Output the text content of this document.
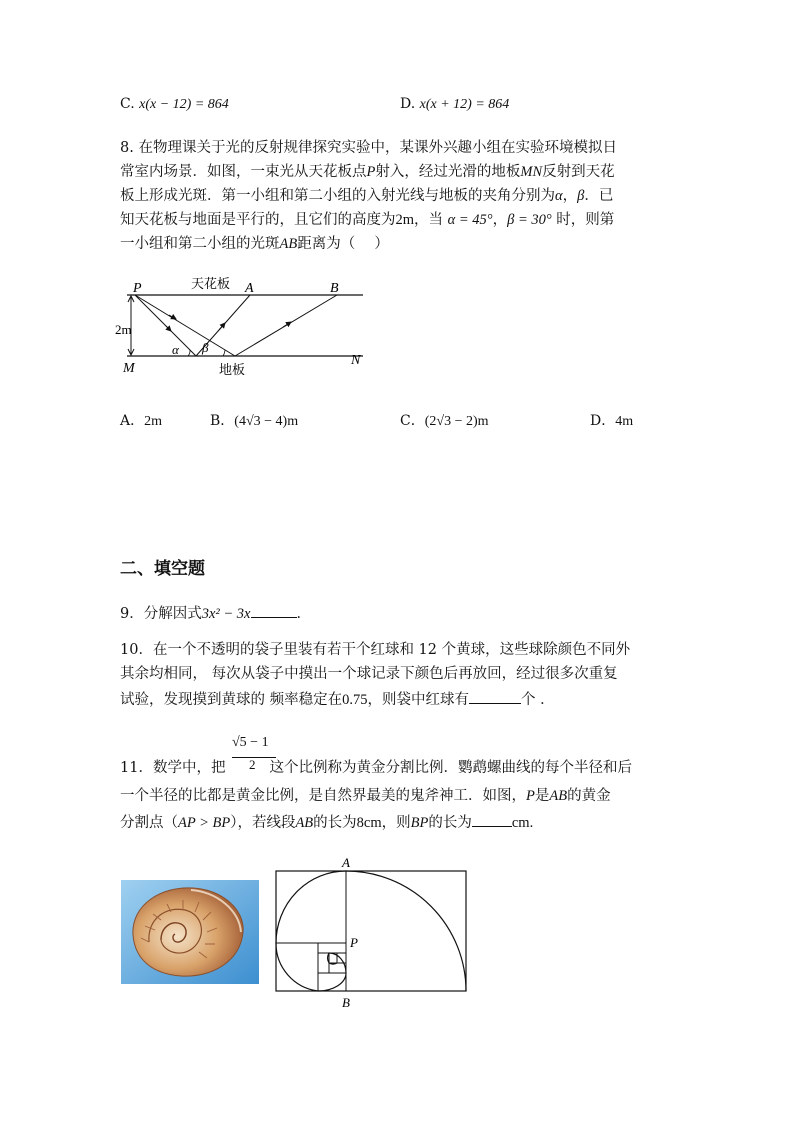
C. x(x − 12) = 864	D. x(x + 12) = 864
8. 在物理课关于光的反射规律探究实验中，某课外兴趣小组在实验环境模拟日
常室内场景．如图，一束光从天花板点P射入，经过光滑的地板MN反射到天花
板上形成光斑．第一小组和第二小组的入射光线与地板的夹角分别为α，β．已
知天花板与地面是平行的，且它们的高度为2m，当 α = 45°，β = 30° 时，则第
一小组和第二小组的光斑AB距离为（　 ）
P	天花板 A	B
2m
M
N
α β
地板
A．2m	B．(4√3 − 4)m	C．(2√3 − 2)m	D．4m
二、填空题
9．分解因式3x² − 3x	．
10．在一个不透明的袋子里装有若干个红球和 12 个黄球，这些球除颜色不同外
其余均相同， 每次从袋子中摸出一个球记录下颜色后再放回，经过很多次重复
试验，发现摸到黄球的 频率稳定在0.75，则袋中红球有	个 ．
√5 − 1
2
11．数学中，把	这个比例称为黄金分割比例．鹦鹉螺曲线的每个半径和后
一个半径的比都是黄金比例，是自然界最美的鬼斧神工．如图，P是AB的黄金
分割点（AP > BP），若线段AB的长为8cm，则BP的长为	cm.
A
P
B
